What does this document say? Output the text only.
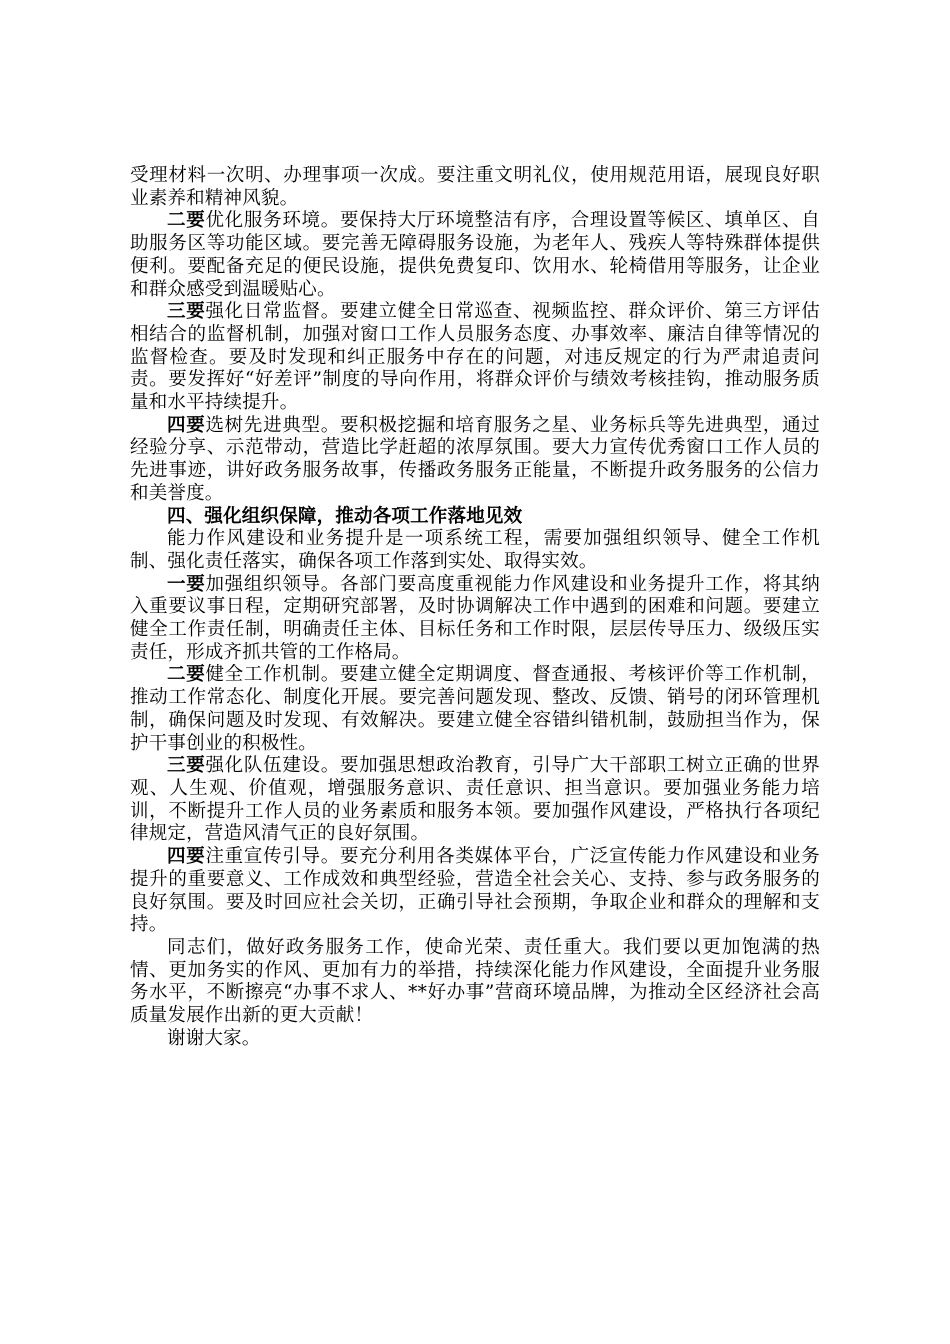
受理材料一次明、办理事项一次成。要注重文明礼仪，使用规范用语，展现良好职业素养和精神风貌。

二要优化服务环境。要保持大厅环境整洁有序，合理设置等候区、填单区、自助服务区等功能区域。要完善无障碍服务设施，为老年人、残疾人等特殊群体提供便利。要配备充足的便民设施，提供免费复印、饮用水、轮椅借用等服务，让企业和群众感受到温暖贴心。

三要强化日常监督。要建立健全日常巡查、视频监控、群众评价、第三方评估相结合的监督机制，加强对窗口工作人员服务态度、办事效率、廉洁自律等情况的监督检查。要及时发现和纠正服务中存在的问题，对违反规定的行为严肃追责问责。要发挥好“好差评”制度的导向作用，将群众评价与绩效考核挂钩，推动服务质量和水平持续提升。

四要选树先进典型。要积极挖掘和培育服务之星、业务标兵等先进典型，通过经验分享、示范带动，营造比学赶超的浓厚氛围。要大力宣传优秀窗口工作人员的先进事迹，讲好政务服务故事，传播政务服务正能量，不断提升政务服务的公信力和美誉度。

四、强化组织保障，推动各项工作落地见效

能力作风建设和业务提升是一项系统工程，需要加强组织领导、健全工作机制、强化责任落实，确保各项工作落到实处、取得实效。

一要加强组织领导。各部门要高度重视能力作风建设和业务提升工作，将其纳入重要议事日程，定期研究部署，及时协调解决工作中遇到的困难和问题。要建立健全工作责任制，明确责任主体、目标任务和工作时限，层层传导压力、级级压实责任，形成齐抓共管的工作格局。

二要健全工作机制。要建立健全定期调度、督查通报、考核评价等工作机制，推动工作常态化、制度化开展。要完善问题发现、整改、反馈、销号的闭环管理机制，确保问题及时发现、有效解决。要建立健全容错纠错机制，鼓励担当作为，保护干事创业的积极性。

三要强化队伍建设。要加强思想政治教育，引导广大干部职工树立正确的世界观、人生观、价值观，增强服务意识、责任意识、担当意识。要加强业务能力培训，不断提升工作人员的业务素质和服务本领。要加强作风建设，严格执行各项纪律规定，营造风清气正的良好氛围。

四要注重宣传引导。要充分利用各类媒体平台，广泛宣传能力作风建设和业务提升的重要意义、工作成效和典型经验，营造全社会关心、支持、参与政务服务的良好氛围。要及时回应社会关切，正确引导社会预期，争取企业和群众的理解和支持。

同志们，做好政务服务工作，使命光荣、责任重大。我们要以更加饱满的热情、更加务实的作风、更加有力的举措，持续深化能力作风建设，全面提升业务服务水平，不断擦亮“办事不求人、**好办事”营商环境品牌，为推动全区经济社会高质量发展作出新的更大贡献！

谢谢大家。
